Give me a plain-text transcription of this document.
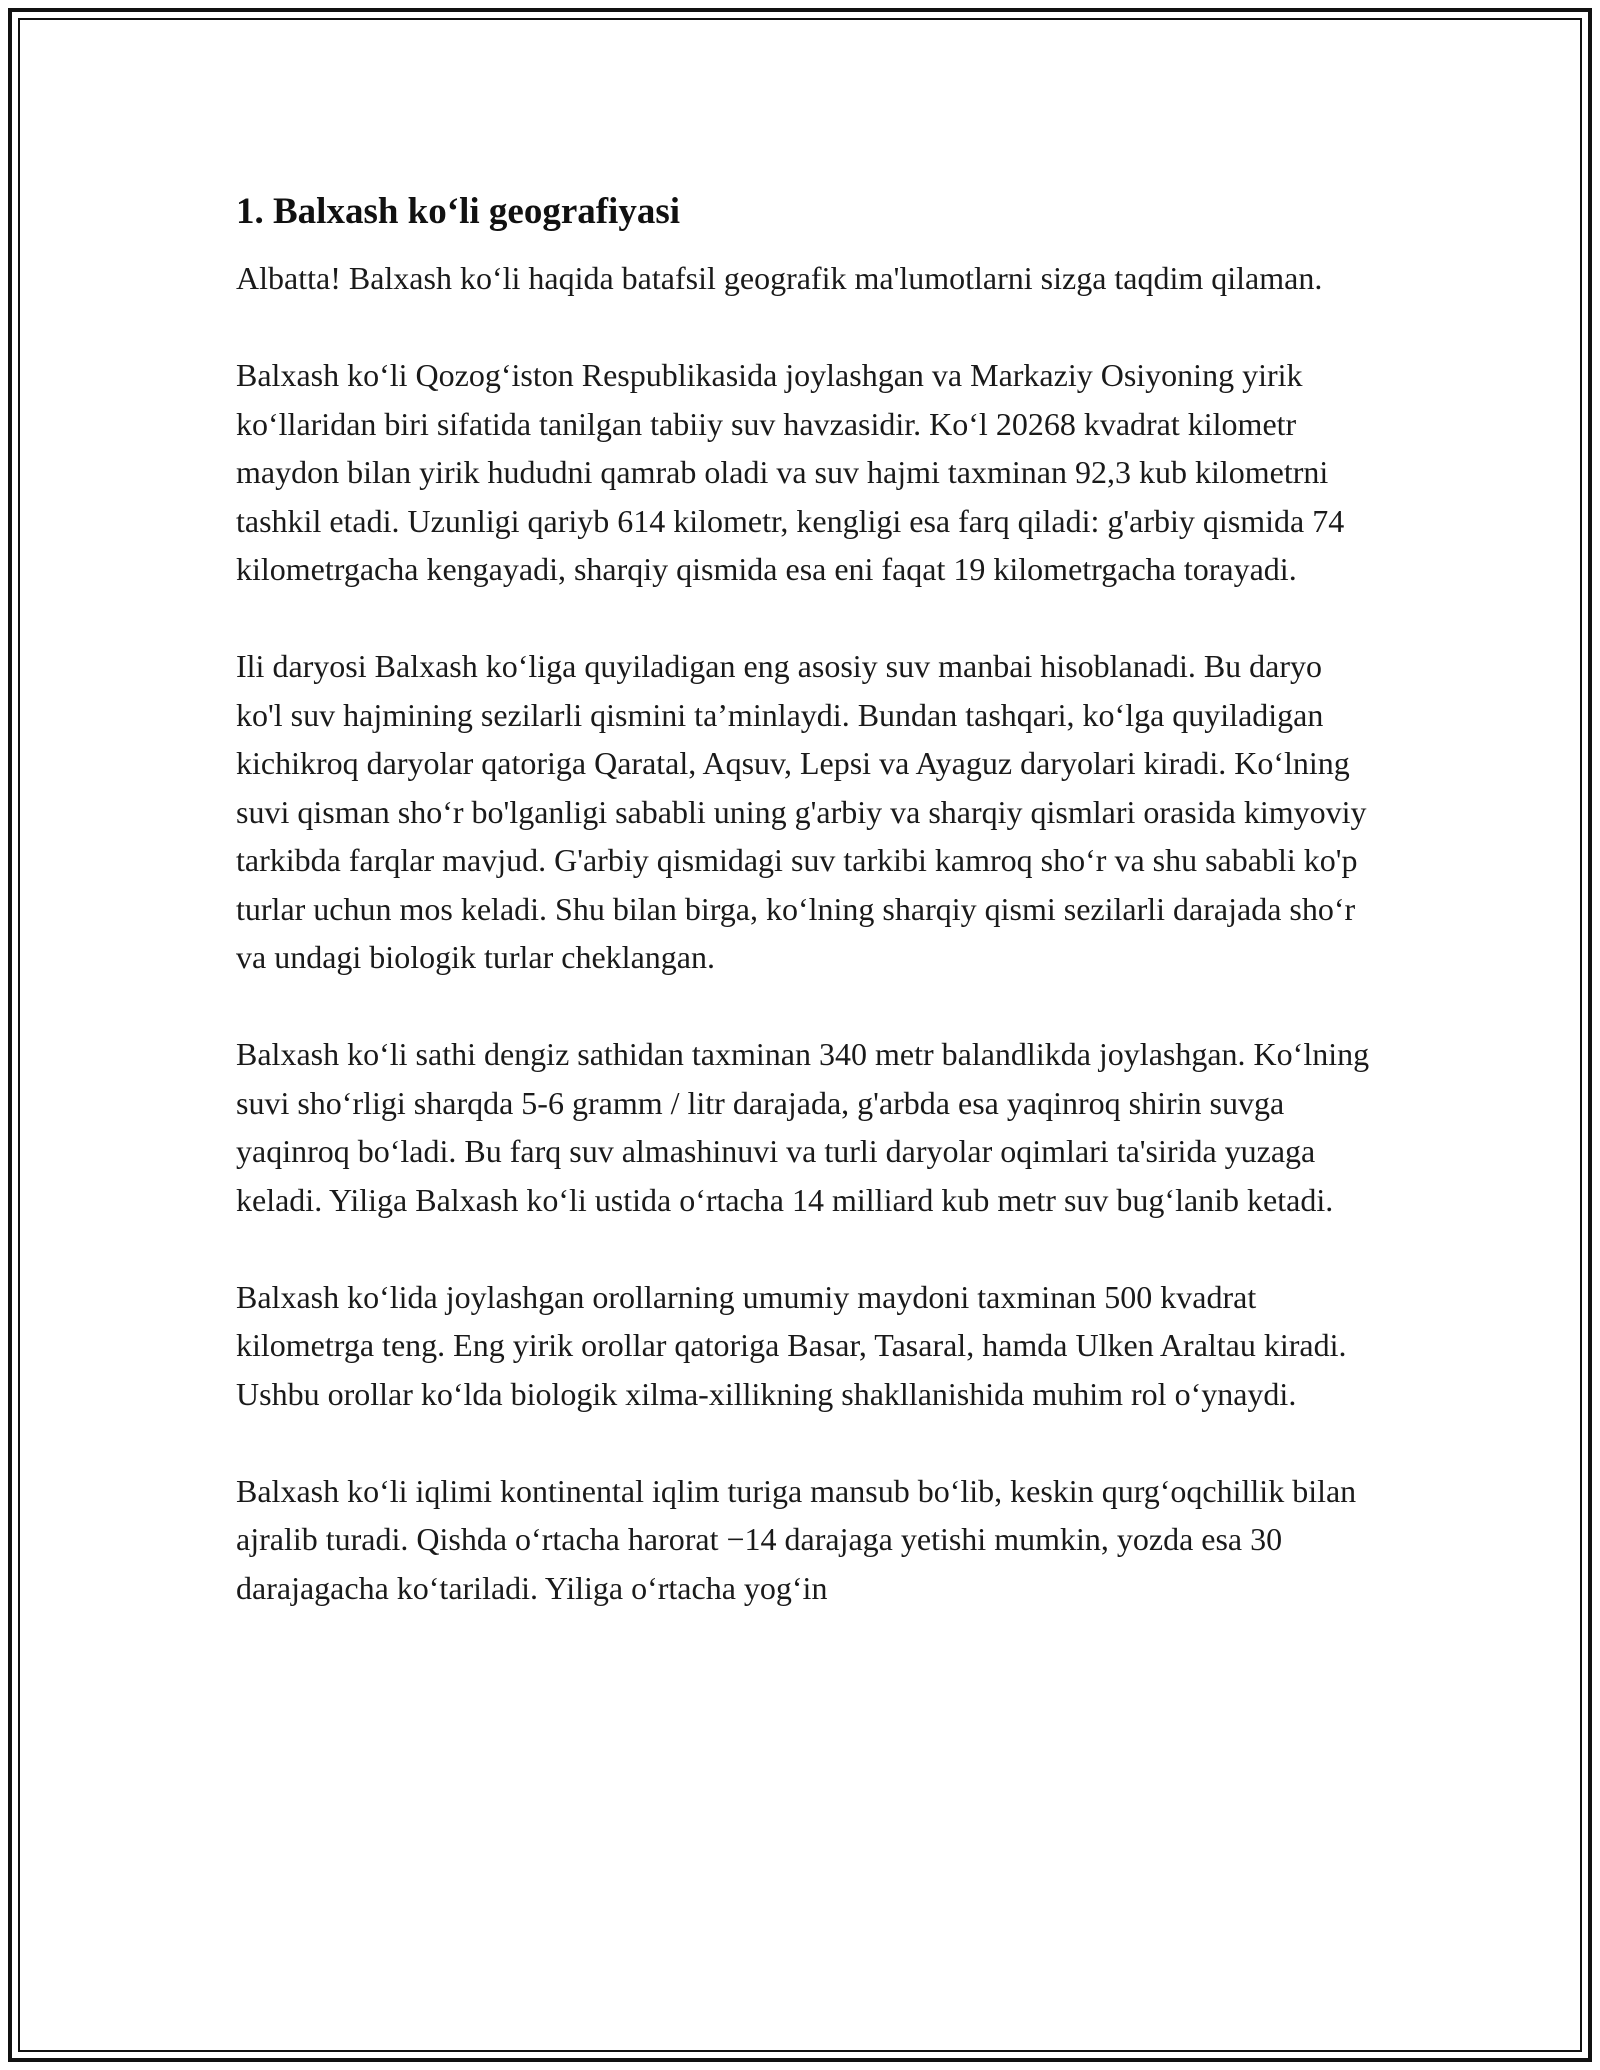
1. Balxash ko‘li geografiyasi

Albatta! Balxash ko‘li haqida batafsil geografik ma'lumotlarni sizga taqdim qilaman.

Balxash ko‘li Qozog‘iston Respublikasida joylashgan va Markaziy Osiyoning yirik ko‘llaridan biri sifatida tanilgan tabiiy suv havzasidir. Ko‘l 20268 kvadrat kilometr maydon bilan yirik hududni qamrab oladi va suv hajmi taxminan 92,3 kub kilometrni tashkil etadi. Uzunligi qariyb 614 kilometr, kengligi esa farq qiladi: g'arbiy qismida 74 kilometrgacha kengayadi, sharqiy qismida esa eni faqat 19 kilometrgacha torayadi.

Ili daryosi Balxash ko‘liga quyiladigan eng asosiy suv manbai hisoblanadi. Bu daryo ko'l suv hajmining sezilarli qismini ta’minlaydi. Bundan tashqari, ko‘lga quyiladigan kichikroq daryolar qatoriga Qaratal, Aqsuv, Lepsi va Ayaguz daryolari kiradi. Ko‘lning suvi qisman sho‘r bo'lganligi sababli uning g'arbiy va sharqiy qismlari orasida kimyoviy tarkibda farqlar mavjud. G'arbiy qismidagi suv tarkibi kamroq sho‘r va shu sababli ko'p turlar uchun mos keladi. Shu bilan birga, ko‘lning sharqiy qismi sezilarli darajada sho‘r va undagi biologik turlar cheklangan.

Balxash ko‘li sathi dengiz sathidan taxminan 340 metr balandlikda joylashgan. Ko‘lning suvi sho‘rligi sharqda 5-6 gramm / litr darajada, g'arbda esa yaqinroq shirin suvga yaqinroq bo‘ladi. Bu farq suv almashinuvi va turli daryolar oqimlari ta'sirida yuzaga keladi. Yiliga Balxash ko‘li ustida o‘rtacha 14 milliard kub metr suv bug‘lanib ketadi.

Balxash ko‘lida joylashgan orollarning umumiy maydoni taxminan 500 kvadrat kilometrga teng. Eng yirik orollar qatoriga Basar, Tasaral, hamda Ulken Araltau kiradi. Ushbu orollar ko‘lda biologik xilma-xillikning shakllanishida muhim rol o‘ynaydi.

Balxash ko‘li iqlimi kontinental iqlim turiga mansub bo‘lib, keskin qurg‘oqchillik bilan ajralib turadi. Qishda o‘rtacha harorat −14 darajaga yetishi mumkin, yozda esa 30 darajagacha ko‘tariladi. Yiliga o‘rtacha yog‘in
